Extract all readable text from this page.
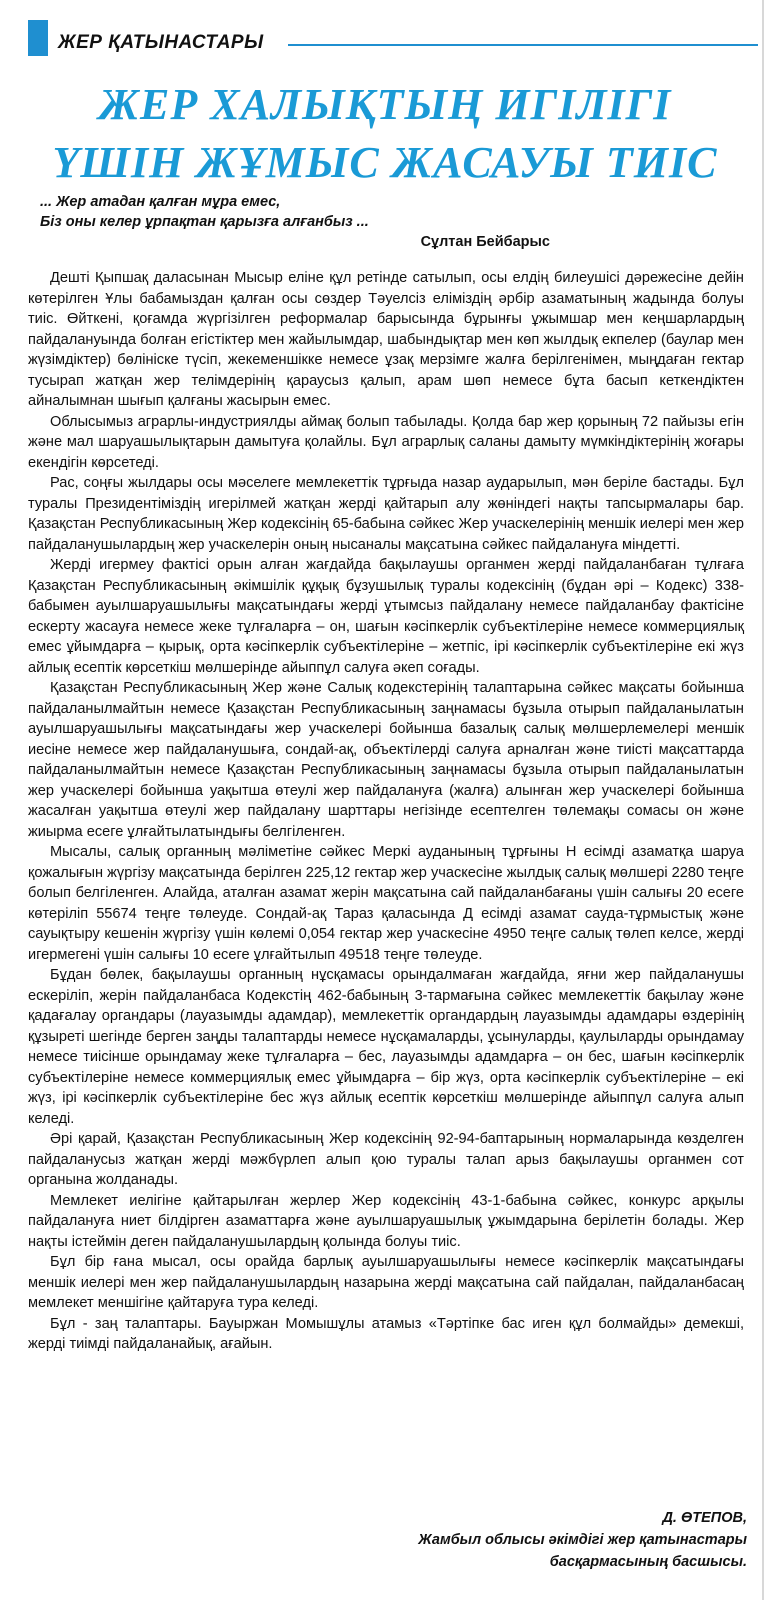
ЖЕР ҚАТЫНАСТАРЫ
ЖЕР ХАЛЫҚТЫҢ ИГІЛІГІ
ҮШІН ЖҰМЫС ЖАСАУЫ ТИІС
... Жер атадан қалған мұра емес,
Біз оны келер ұрпақтан қарызға алғанбыз ...
Сұлтан Бейбарыс

Дешті Қыпшақ даласынан Мысыр еліне құл ретінде сатылып, осы елдің билеушісі дәрежесіне дейін көтерілген Ұлы бабамыздан қалған осы сөздер Тәуелсіз еліміздің әрбір азаматының жадында болуы тиіс. Өйткені, қоғамда жүргізілген реформалар барысында бұрынғы ұжымшар мен кеңшарлардың пайдалануында болған егістіктер мен жайылымдар, шабындықтар мен көп жылдық екпелер (баулар мен жүзімдіктер) бөлініске түсіп, жекеменшікке немесе ұзақ мерзімге жалға берілгенімен, мыңдаған гектар тусырап жатқан жер телімдерінің қараусыз қалып, арам шөп немесе бұта басып кеткендіктен айналымнан шығып қалғаны жасырын емес.

Облысымыз аграрлы-индустриялды аймақ болып табылады. Қолда бар жер қорының 72 пайызы егін және мал шаруашылықтарын дамытуға қолайлы. Бұл аграрлық саланы дамыту мүмкіндіктерінің жоғары екендігін көрсетеді.

Рас, соңғы жылдары осы мәселеге мемлекеттік тұрғыда назар аударылып, мән беріле бастады. Бұл туралы Президентіміздің игерілмей жатқан жерді қайтарып алу жөніндегі нақты тапсырмалары бар. Қазақстан Республикасының Жер кодексінің 65-бабына сәйкес Жер учаскелерінің меншік иелері мен жер пайдаланушылардың жер учаскелерін оның нысаналы мақсатына сәйкес пайдалануға міндетті.

Жерді игермеу фактісі орын алған жағдайда бақылаушы органмен жерді пайдаланбаған тұлғаға Қазақстан Республикасының әкімшілік құқық бұзушылық туралы кодексінің (бұдан әрі – Кодекс) 338-бабымен ауылшаруашылығы мақсатындағы жерді ұтымсыз пайдалану немесе пайдаланбау фактісіне ескерту жасауға немесе жеке тұлғаларға – он, шағын кәсіпкерлік субъектілеріне немесе коммерциялық емес ұйымдарға – қырық, орта кәсіпкерлік субъектілеріне – жетпіс, ірі кәсіпкерлік субъектілеріне екі жүз айлық есептік көрсеткіш мөлшерінде айыппұл салуға әкеп соғады.

Қазақстан Республикасының Жер және Салық кодекстерінің талаптарына сәйкес мақсаты бойынша пайдаланылмайтын немесе Қазақстан Республикасының заңнамасы бұзыла отырып пайдаланылатын ауылшаруашылығы мақсатындағы жер учаскелері бойынша базалық салық мөлшерлемелері меншік иесіне немесе жер пайдаланушыға, сондай-ақ, объектілерді салуға арналған және тиісті мақсаттарда пайдаланылмайтын немесе Қазақстан Республикасының заңнамасы бұзыла отырып пайдаланылатын жер учаскелері бойынша уақытша өтеулі жер пайдалануға (жалға) алынған жер учаскелері бойынша жасалған уақытша өтеулі жер пайдалану шарттары негізінде есептелген төлемақы сомасы он және жиырма есеге ұлғайтылатындығы белгіленген.

Мысалы, салық органның мәліметіне сәйкес Меркі ауданының тұрғыны Н есімді азаматқа шаруа қожалығын жүргізу мақсатында берілген 225,12 гектар жер учаскесіне жылдық салық мөлшері 2280 теңге болып белгіленген. Алайда, аталған азамат жерін мақсатына сай пайдаланбағаны үшін салығы 20 есеге көтеріліп 55674 теңге төлеуде. Сондай-ақ Тараз қаласында Д есімді азамат сауда-тұрмыстық және сауықтыру кешенін жүргізу үшін көлемі 0,054 гектар жер учаскесіне 4950 теңге салық төлеп келсе, жерді игермегені үшін салығы 10 есеге ұлғайтылып 49518 теңге төлеуде.

Бұдан бөлек, бақылаушы органның нұсқамасы орындалмаған жағдайда, яғни жер пайдаланушы ескеріліп, жерін пайдаланбаса Кодекстің 462-бабының 3-тармағына сәйкес мемлекеттік бақылау және қадағалау органдары (лауазымды адамдар), мемлекеттік органдардың лауазымды адамдары өздерінің құзыреті шегінде берген заңды талаптарды немесе нұсқамаларды, ұсынуларды, қаулыларды орындамау немесе тиісінше орындамау жеке тұлғаларға – бес, лауазымды адамдарға – он бес, шағын кәсіпкерлік субъектілеріне немесе коммерциялық емес ұйымдарға – бір жүз, орта кәсіпкерлік субъектілеріне – екі жүз, ірі кәсіпкерлік субъектілеріне бес жүз айлық есептік көрсеткіш мөлшерінде айыппұл салуға алып келеді.

Әрі қарай, Қазақстан Республикасының Жер кодексінің 92-94-баптарының нормаларында көзделген пайдаланусыз жатқан жерді мәжбүрлеп алып қою туралы талап арыз бақылаушы органмен сот органына жолданады.

Мемлекет иелігіне қайтарылған жерлер Жер кодексінің 43-1-бабына сәйкес, конкурс арқылы пайдалануға ниет білдірген азаматтарға және ауылшаруашылық ұжымдарына берілетін болады. Жер нақты істеймін деген пайдаланушылардың қолында болуы тиіс.

Бұл бір ғана мысал, осы орайда барлық ауылшаруашылығы немесе кәсіпкерлік мақсатындағы меншік иелері мен жер пайдаланушылардың назарына жерді мақсатына сай пайдалан, пайдаланбасаң мемлекет меншігіне қайтаруға тура келеді.

Бұл - заң талаптары. Бауыржан Момышұлы атамыз «Тәртіпке бас иген құл болмайды» демекші, жерді тиімді пайдаланайық, ағайын.

Д. ӨТЕПОВ,
Жамбыл облысы әкімдігі жер қатынастары
басқармасының басшысы.
